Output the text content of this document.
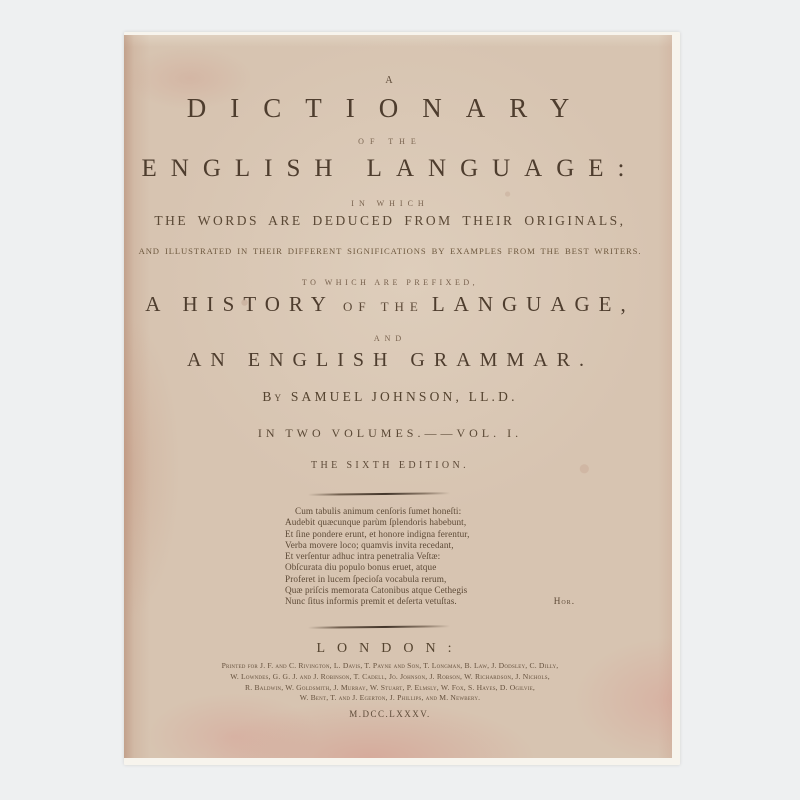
A
DICTIONARY
OF THE
ENGLISH LANGUAGE:
IN WHICH
THE WORDS ARE DEDUCED FROM THEIR ORIGINALS,
AND ILLUSTRATED IN THEIR DIFFERENT SIGNIFICATIONS BY EXAMPLES FROM THE BEST WRITERS.
TO WHICH ARE PREFIXED,
A HISTORY OF THE LANGUAGE,
AND
AN ENGLISH GRAMMAR.
By SAMUEL JOHNSON, LL.D.
IN TWO VOLUMES.——VOL. I.
THE SIXTH EDITION.
Cum tabulis animum cenſoris ſumet honeſti:
Audebit quæcunque parùm ſplendoris habebunt,
Et ſine pondere erunt, et honore indigna ferentur,
Verba movere loco; quamvis invita recedant,
Et verſentur adhuc intra penetralia Veſtæ:
Obſcurata diu populo bonus eruet, atque
Proferet in lucem ſpecioſa vocabula rerum,
Quæ priſcis memorata Catonibus atque Cethegis
Nunc ſitus informis premit et deſerta vetuſtas.	Hor.
LONDON:
Printed for J. F. and C. Rivington, L. Davis, T. Payne and Son, T. Longman, B. Law, J. Dodsley, C. Dilly,
W. Lowndes, G. G. J. and J. Robinson, T. Cadell, Jo. Johnson, J. Robson, W. Richardson, J. Nichols,
R. Baldwin, W. Goldsmith, J. Murray, W. Stuart, P. Elmsly, W. Fox, S. Hayes, D. Ogilvie,
W. Bent, T. and J. Egerton, J. Phillips, and M. Newbery.
M.DCC.LXXXV.
